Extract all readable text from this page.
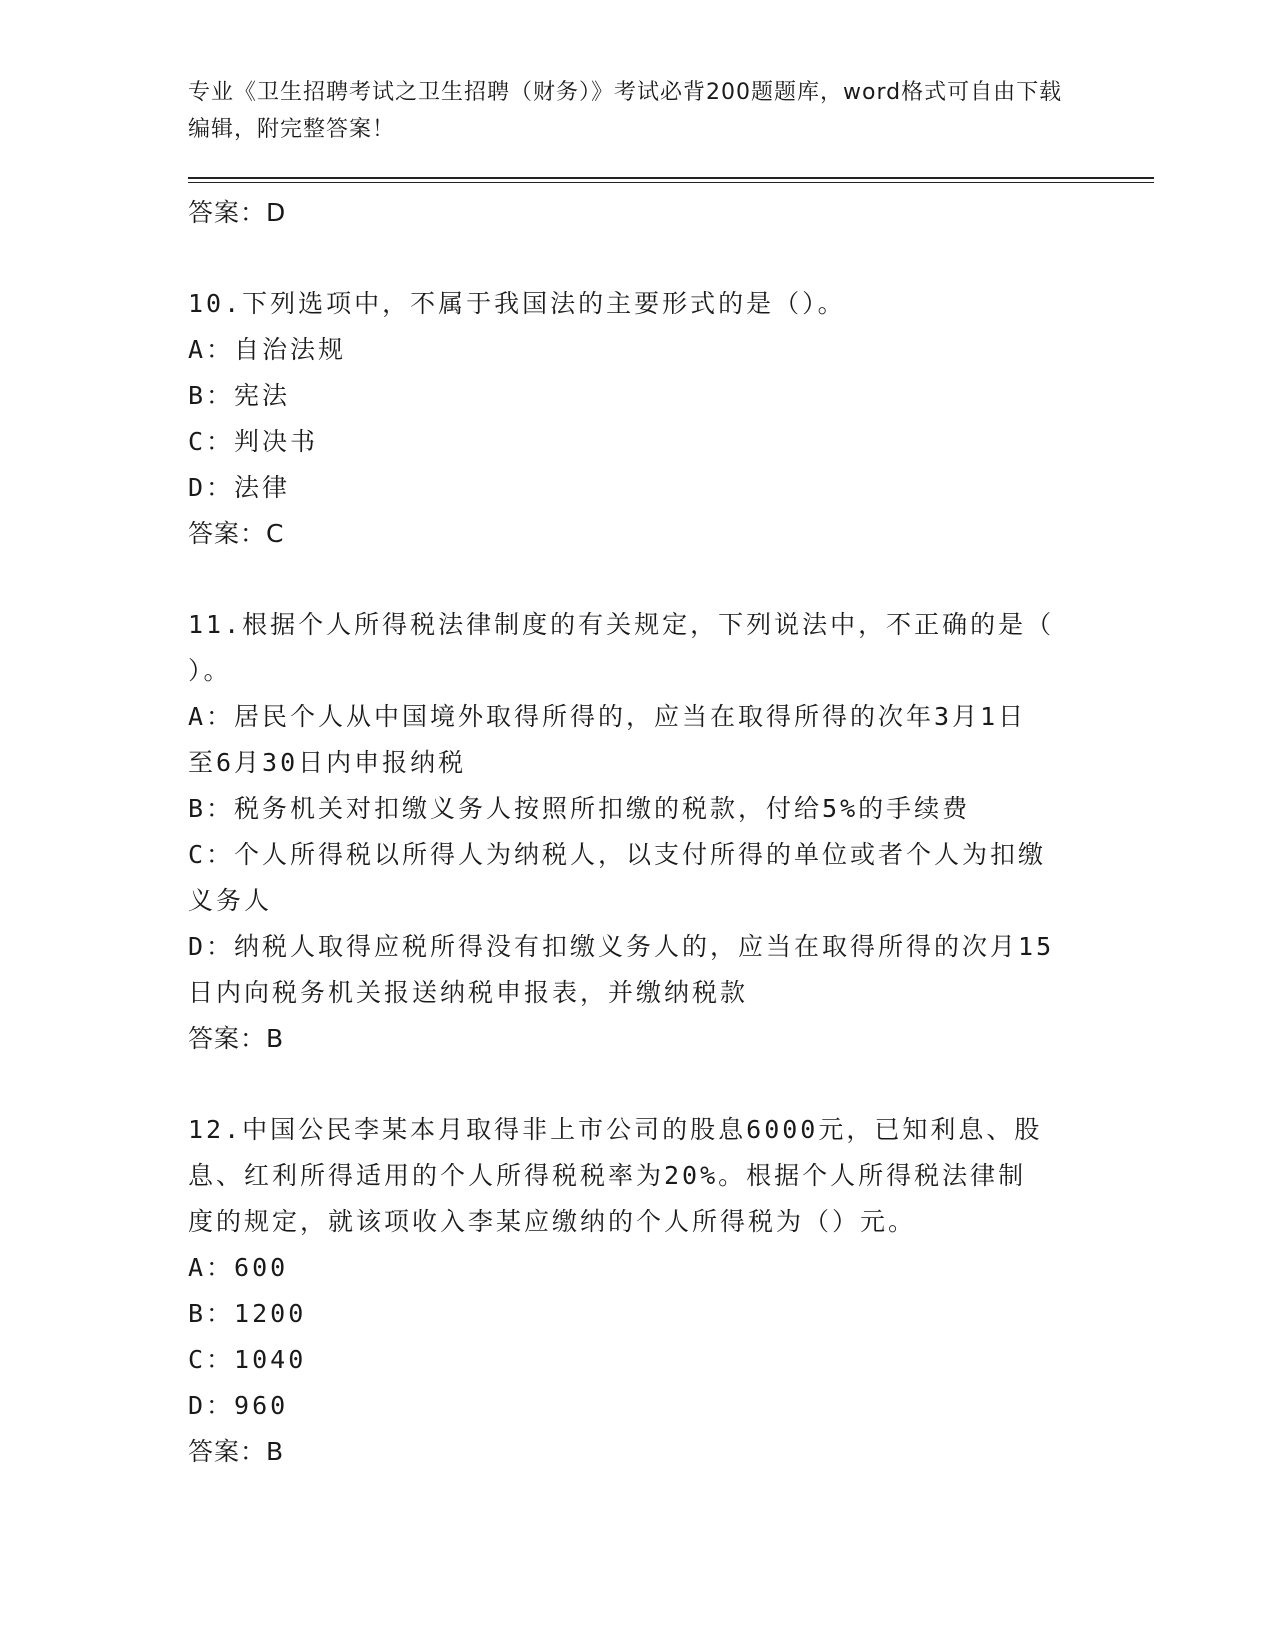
专业《卫生招聘考试之卫生招聘（财务）》考试必背200题题库，word格式可自由下载编辑，附完整答案！
答案：D
10.下列选项中，不属于我国法的主要形式的是（）。
A：自治法规
B：宪法
C：判决书
D：法律
答案：C
11.根据个人所得税法律制度的有关规定，下列说法中，不正确的是（
）。
A：居民个人从中国境外取得所得的，应当在取得所得的次年3月1日
至6月30日内申报纳税
B：税务机关对扣缴义务人按照所扣缴的税款，付给5%的手续费
C：个人所得税以所得人为纳税人，以支付所得的单位或者个人为扣缴
义务人
D：纳税人取得应税所得没有扣缴义务人的，应当在取得所得的次月15
日内向税务机关报送纳税申报表，并缴纳税款
答案：B
12.中国公民李某本月取得非上市公司的股息6000元，已知利息、股
息、红利所得适用的个人所得税税率为20%。根据个人所得税法律制
度的规定，就该项收入李某应缴纳的个人所得税为（）元。
A：600
B：1200
C：1040
D：960
答案：B
